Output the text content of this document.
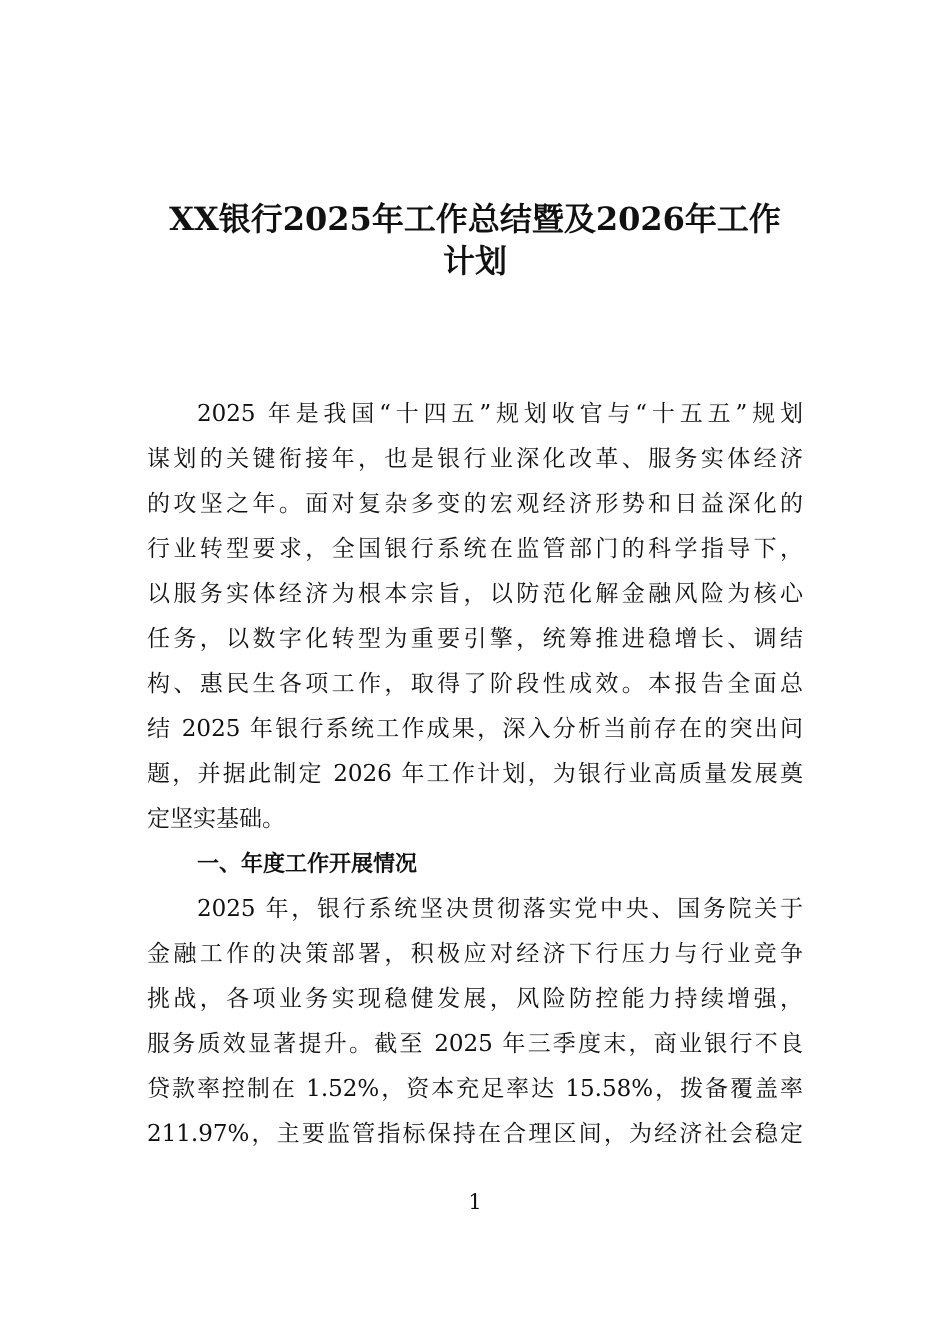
XX银行2025年工作总结暨及2026年工作
计划
2025 年是我国“十四五”规划收官与“十五五”规划
谋划的关键衔接年，也是银行业深化改革、服务实体经济
的攻坚之年。面对复杂多变的宏观经济形势和日益深化的
行业转型要求，全国银行系统在监管部门的科学指导下，
以服务实体经济为根本宗旨，以防范化解金融风险为核心
任务，以数字化转型为重要引擎，统筹推进稳增长、调结
构、惠民生各项工作，取得了阶段性成效。本报告全面总
结 2025 年银行系统工作成果，深入分析当前存在的突出问
题，并据此制定 2026 年工作计划，为银行业高质量发展奠
定坚实基础。
一、年度工作开展情况
2025 年，银行系统坚决贯彻落实党中央、国务院关于
金融工作的决策部署，积极应对经济下行压力与行业竞争
挑战，各项业务实现稳健发展，风险防控能力持续增强，
服务质效显著提升。截至 2025 年三季度末，商业银行不良
贷款率控制在 1.52%，资本充足率达 15.58%，拨备覆盖率
211.97%，主要监管指标保持在合理区间，为经济社会稳定
1
